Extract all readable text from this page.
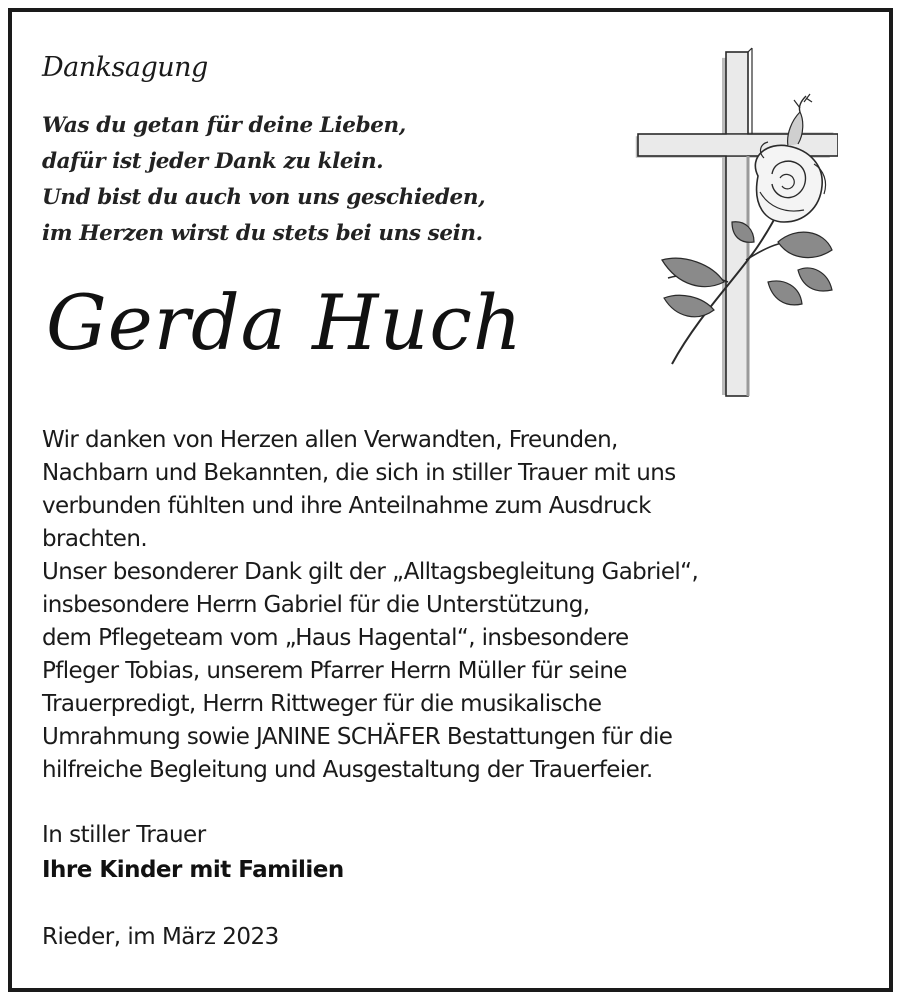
Danksagung
Was du getan für deine Lieben,
dafür ist jeder Dank zu klein.
Und bist du auch von uns geschieden,
im Herzen wirst du stets bei uns sein.
Gerda Huch
Wir danken von Herzen allen Verwandten, Freunden,
Nachbarn und Bekannten, die sich in stiller Trauer mit uns
verbunden fühlten und ihre Anteilnahme zum Ausdruck
brachten.
Unser besonderer Dank gilt der „Alltagsbegleitung Gabriel“,
insbesondere Herrn Gabriel für die Unterstützung,
dem Pflegeteam vom „Haus Hagental“, insbesondere
Pfleger Tobias, unserem Pfarrer Herrn Müller für seine
Trauerpredigt, Herrn Rittweger für die musikalische
Umrahmung sowie JANINE SCHÄFER Bestattungen für die
hilfreiche Begleitung und Ausgestaltung der Trauerfeier.
In stiller Trauer
Ihre Kinder mit Familien
Rieder, im März 2023
